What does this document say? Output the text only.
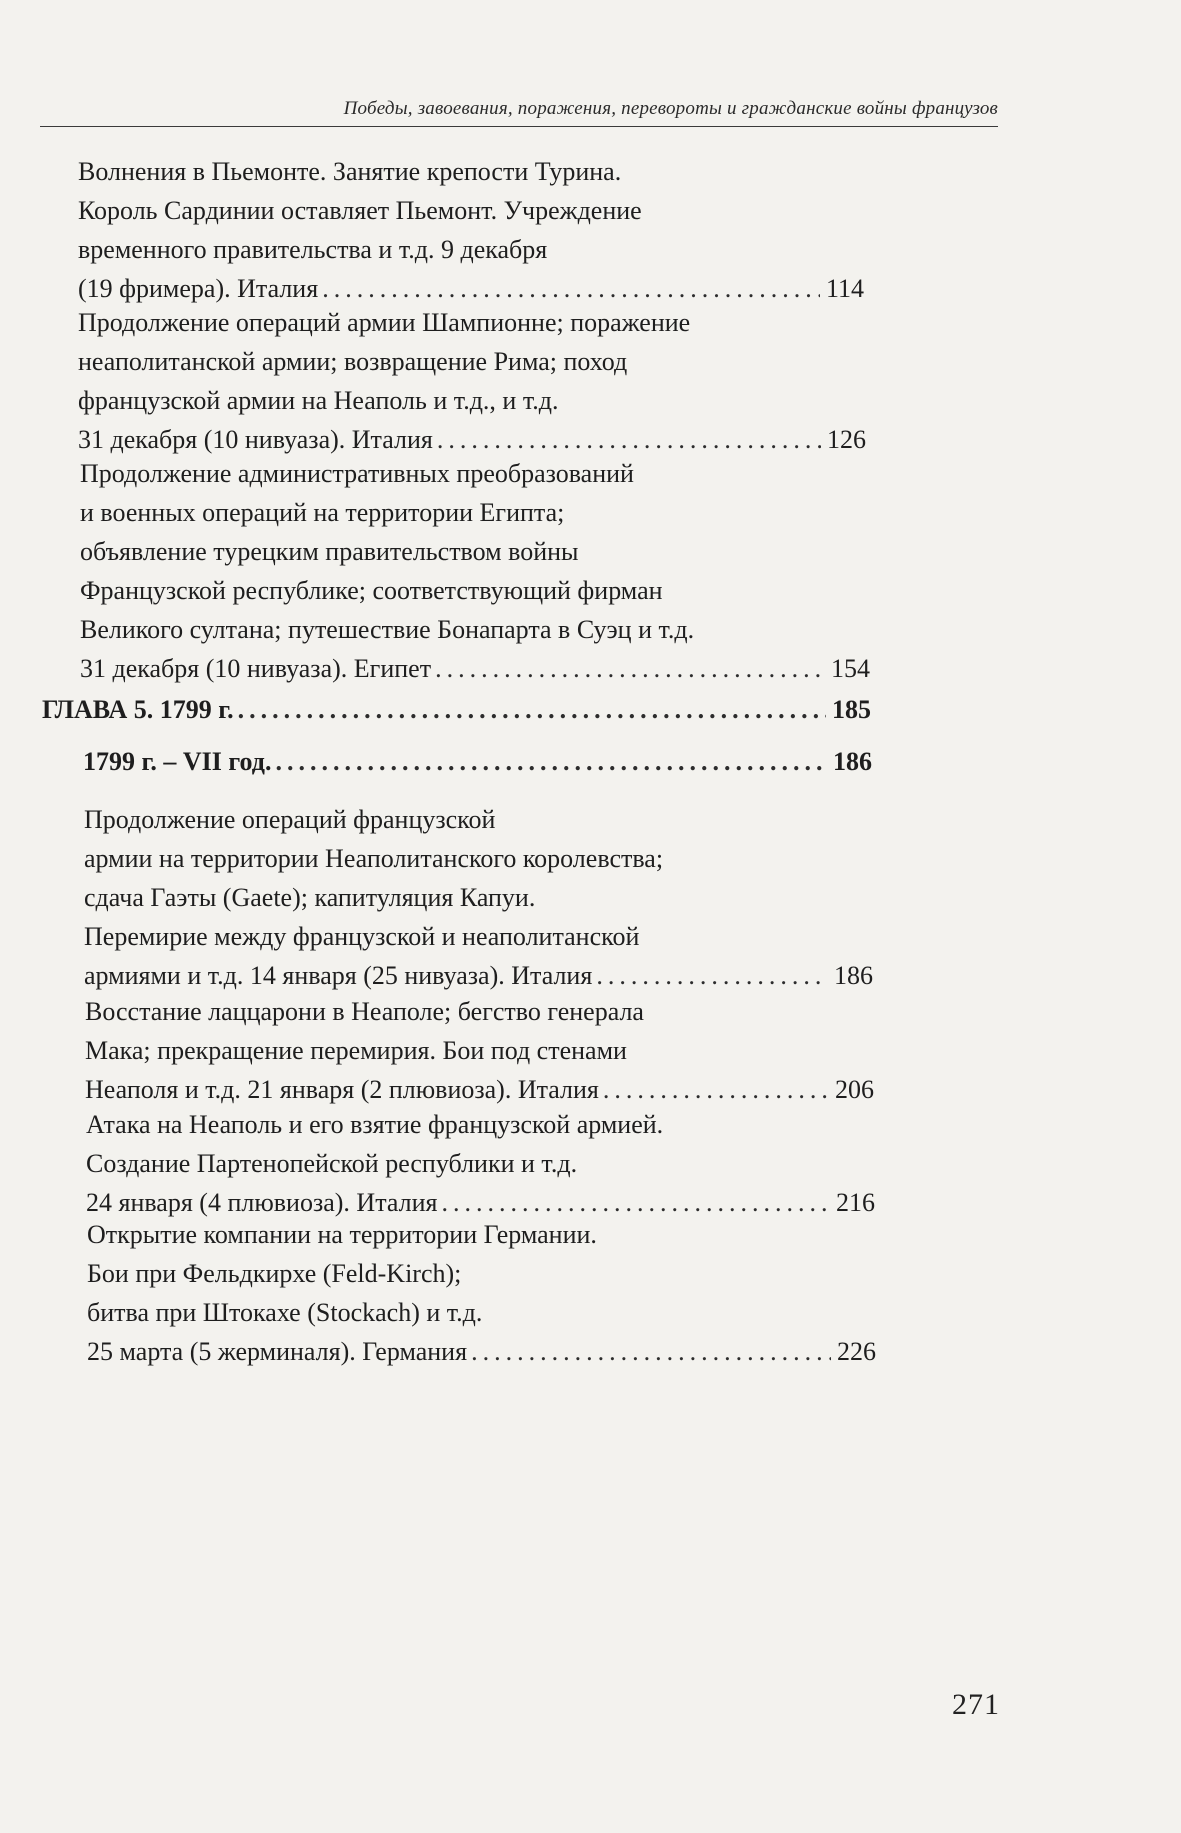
Победы, завоевания, поражения, перевороты и гражданские войны французов
Волнения в Пьемонте. Занятие крепости Турина.
Король Сардинии оставляет Пьемонт. Учреждение
временного правительства и т.д. 9 декабря
(19 фримера). Италия .....	114
Продолжение операций армии Шампионне; поражение
неаполитанской армии; возвращение Рима; поход
французской армии на Неаполь и т.д., и т.д.
31 декабря (10 нивуаза). Италия .....	126
Продолжение административных преобразований
и военных операций на территории Египта;
объявление турецким правительством войны
Французской республике; соответствующий фирман
Великого султана; путешествие Бонапарта в Суэц и т.д.
31 декабря (10 нивуаза). Египет .....	154
ГЛАВА 5. 1799 г. .....	185
1799 г. – VII год. .....	186
Продолжение операций французской
армии на территории Неаполитанского королевства;
сдача Гаэты (Gaete); капитуляция Капуи.
Перемирие между французской и неаполитанской
армиями и т.д. 14 января (25 нивуаза). Италия .....	186
Восстание лаццарони в Неаполе; бегство генерала
Мака; прекращение перемирия. Бои под стенами
Неаполя и т.д. 21 января (2 плювиоза). Италия .....	206
Атака на Неаполь и его взятие французской армией.
Создание Партенопейской республики и т.д.
24 января (4 плювиоза). Италия .....	216
Открытие компании на территории Германии.
Бои при Фельдкирхе (Feld-Kirch);
битва при Штокахе (Stockach) и т.д.
25 марта (5 жерминаля). Германия .....	226
271
